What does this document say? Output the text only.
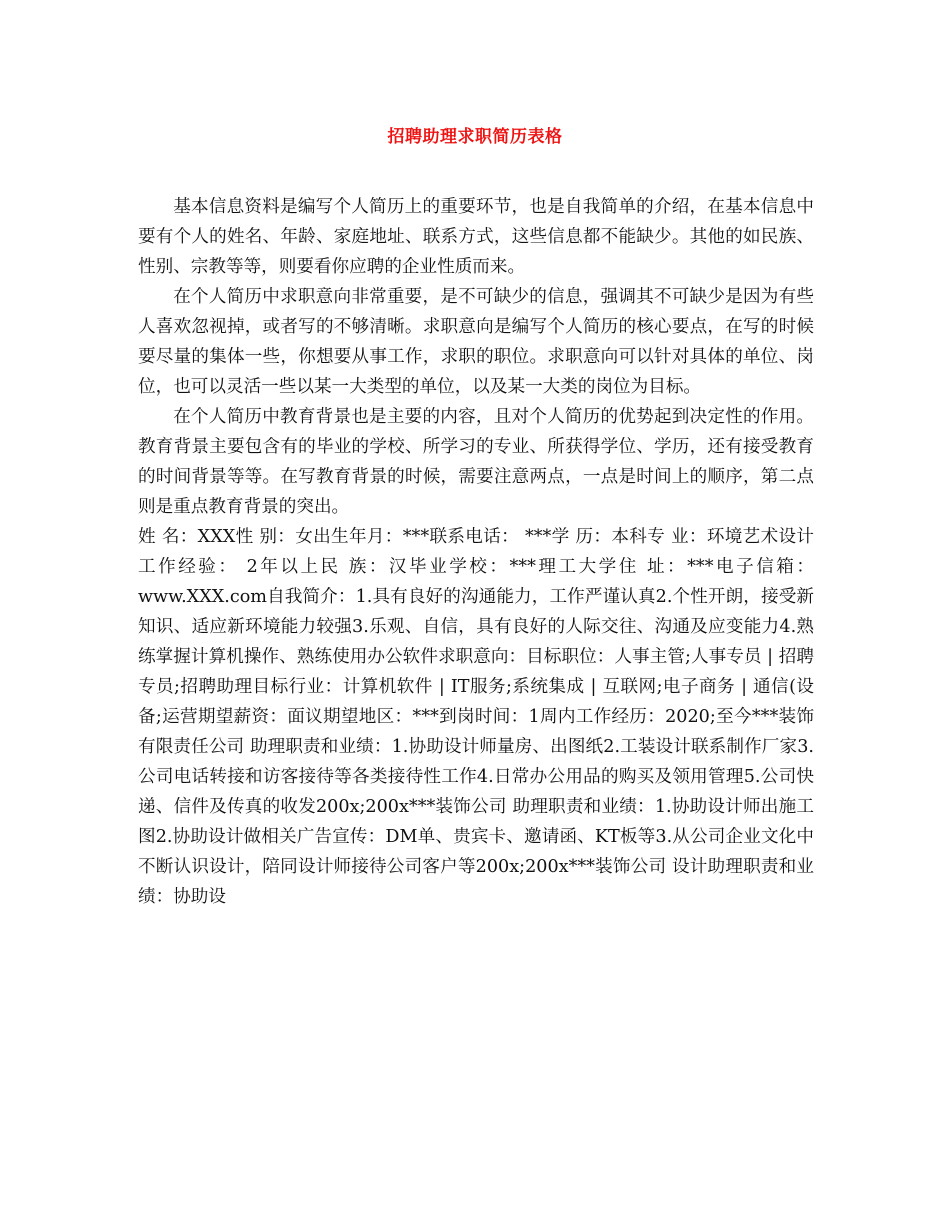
招聘助理求职简历表格

基本信息资料是编写个人简历上的重要环节，也是自我简单的介绍，在基本信息中要有个人的姓名、年龄、家庭地址、联系方式，这些信息都不能缺少。其他的如民族、性别、宗教等等，则要看你应聘的企业性质而来。

在个人简历中求职意向非常重要，是不可缺少的信息，强调其不可缺少是因为有些人喜欢忽视掉，或者写的不够清晰。求职意向是编写个人简历的核心要点，在写的时候要尽量的集体一些，你想要从事工作，求职的职位。求职意向可以针对具体的单位、岗位，也可以灵活一些以某一大类型的单位，以及某一大类的岗位为目标。

在个人简历中教育背景也是主要的内容，且对个人简历的优势起到决定性的作用。教育背景主要包含有的毕业的学校、所学习的专业、所获得学位、学历，还有接受教育的时间背景等等。在写教育背景的时候，需要注意两点，一点是时间上的顺序，第二点则是重点教育背景的突出。

姓 名：XXX性 别：女出生年月：***联系电话： ***学 历：本科专 业：环境艺术设计工作经验： 2年以上民 族：汉毕业学校：***理工大学住 址：***电子信箱：www.XXX.com自我简介：1.具有良好的沟通能力，工作严谨认真2.个性开朗，接受新知识、适应新环境能力较强3.乐观、自信，具有良好的人际交往、沟通及应变能力4.熟练掌握计算机操作、熟练使用办公软件求职意向：目标职位：人事主管;人事专员 | 招聘专员;招聘助理目标行业：计算机软件 | IT服务;系统集成 | 互联网;电子商务 | 通信(设备;运营期望薪资：面议期望地区：***到岗时间：1周内工作经历：2020;至今***装饰有限责任公司 助理职责和业绩：1.协助设计师量房、出图纸2.工装设计联系制作厂家3.公司电话转接和访客接待等各类接待性工作4.日常办公用品的购买及领用管理5.公司快递、信件及传真的收发200x;200x***装饰公司 助理职责和业绩：1.协助设计师出施工图2.协助设计做相关广告宣传：DM单、贵宾卡、邀请函、KT板等3.从公司企业文化中不断认识设计，陪同设计师接待公司客户等200x;200x***装饰公司 设计助理职责和业绩：协助设
